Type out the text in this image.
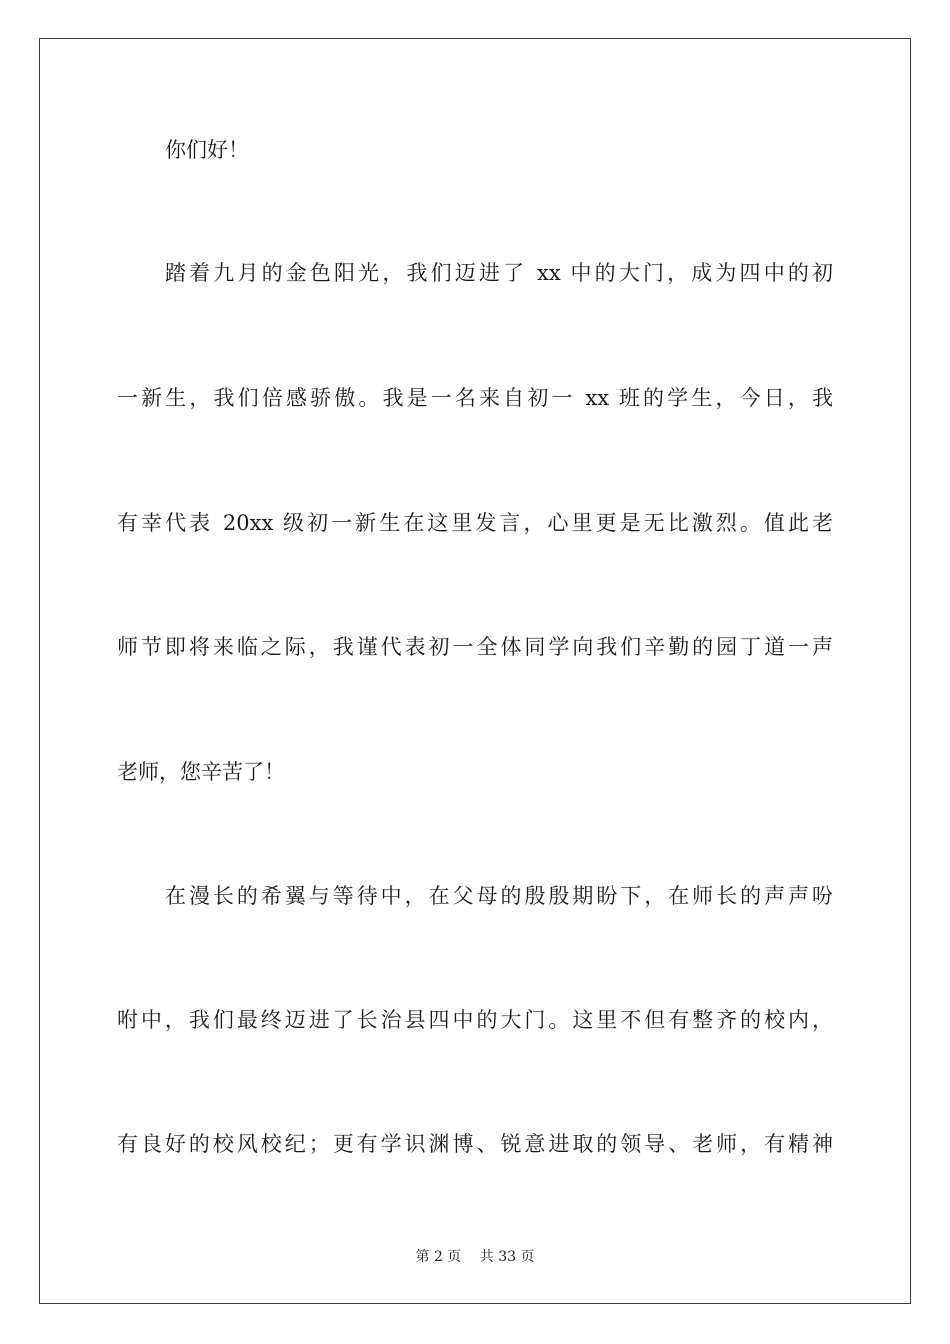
你们好！
踏着九月的金色阳光，我们迈进了 xx 中的大门，成为四中的初
一新生，我们倍感骄傲。我是一名来自初一 xx 班的学生，今日，我
有幸代表 20xx 级初一新生在这里发言，心里更是无比激烈。值此老
师节即将来临之际，我谨代表初一全体同学向我们辛勤的园丁道一声
老师，您辛苦了！
在漫长的希翼与等待中，在父母的殷殷期盼下，在师长的声声吩
咐中，我们最终迈进了长治县四中的大门。这里不但有整齐的校内，
有良好的校风校纪；更有学识渊博、锐意进取的领导、老师，有精神
第 2 页　 共 33 页
